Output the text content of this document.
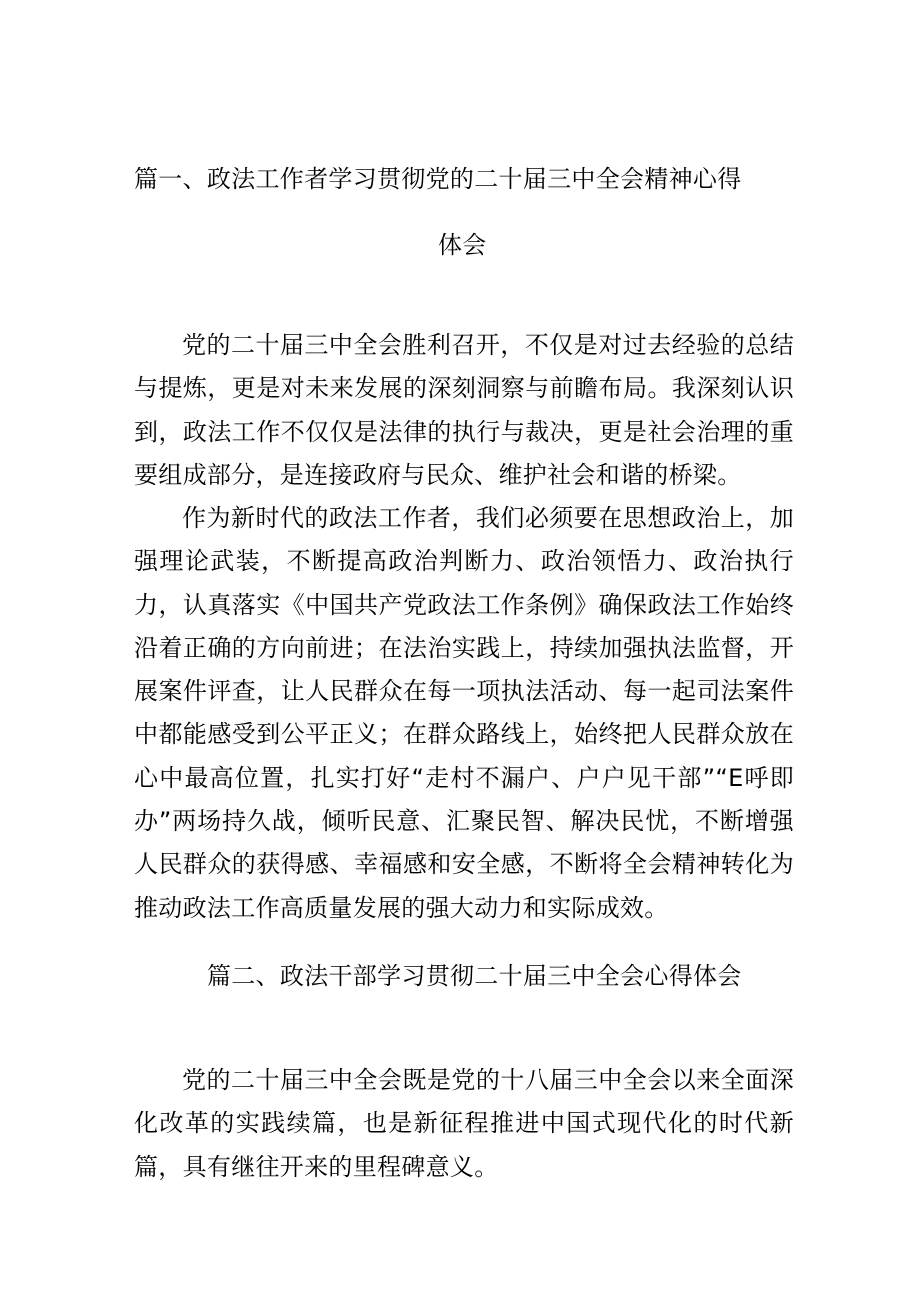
篇一、政法工作者学习贯彻党的二十届三中全会精神心得
体会

党的二十届三中全会胜利召开，不仅是对过去经验的总结与提炼，更是对未来发展的深刻洞察与前瞻布局。我深刻认识到，政法工作不仅仅是法律的执行与裁决，更是社会治理的重要组成部分，是连接政府与民众、维护社会和谐的桥梁。

作为新时代的政法工作者，我们必须要在思想政治上，加强理论武装，不断提高政治判断力、政治领悟力、政治执行力，认真落实《中国共产党政法工作条例》确保政法工作始终沿着正确的方向前进；在法治实践上，持续加强执法监督，开展案件评查，让人民群众在每一项执法活动、每一起司法案件中都能感受到公平正义；在群众路线上，始终把人民群众放在心中最高位置，扎实打好“走村不漏户、户户见干部”“E呼即办”两场持久战，倾听民意、汇聚民智、解决民忧，不断增强人民群众的获得感、幸福感和安全感，不断将全会精神转化为推动政法工作高质量发展的强大动力和实际成效。

篇二、政法干部学习贯彻二十届三中全会心得体会

党的二十届三中全会既是党的十八届三中全会以来全面深化改革的实践续篇，也是新征程推进中国式现代化的时代新篇，具有继往开来的里程碑意义。
